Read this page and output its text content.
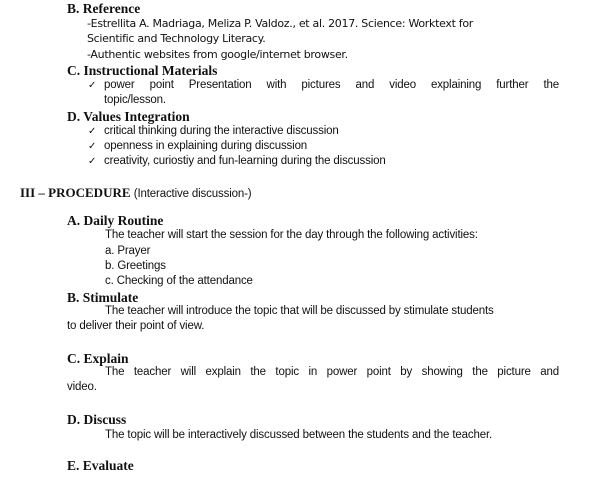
B. Reference
-Estrellita A. Madriaga, Meliza P. Valdoz., et al. 2017. Science: Worktext for
Scientific and Technology Literacy.
-Authentic websites from google/internet browser.
C. Instructional Materials
✓ power point Presentation with pictures and video explaining further the
topic/lesson.
D. Values Integration
✓ critical thinking during the interactive discussion
✓ openness in explaining during discussion
✓ creativity, curiostiy and fun-learning during the discussion
III – PROCEDURE (Interactive discussion-)
A. Daily Routine
The teacher will start the session for the day through the following activities:
a. Prayer
b. Greetings
c. Checking of the attendance
B. Stimulate
The teacher will introduce the topic that will be discussed by stimulate students
to deliver their point of view.
C. Explain
The teacher will explain the topic in power point by showing the picture and
video.
D. Discuss
The topic will be interactively discussed between the students and the teacher.
E. Evaluate
